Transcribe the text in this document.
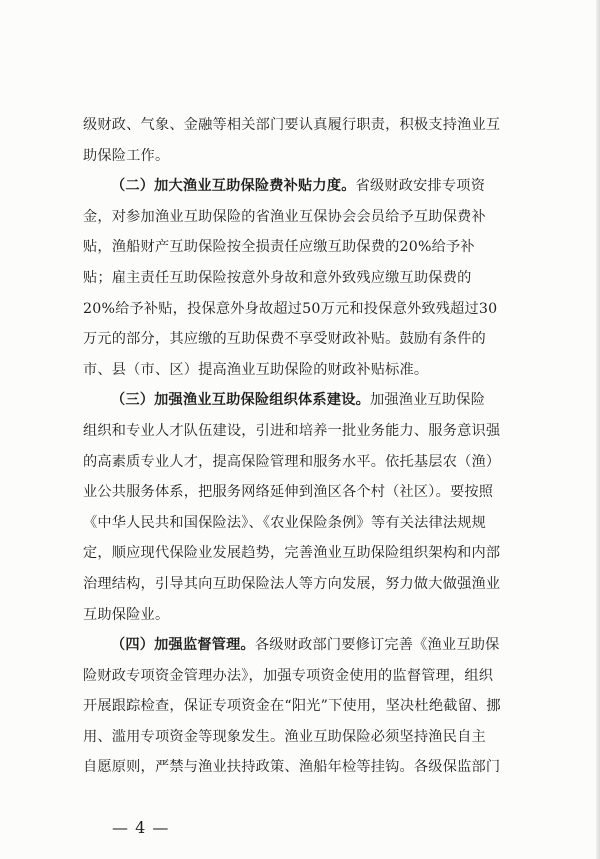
级财政、气象、金融等相关部门要认真履行职责，积极支持渔业互
助保险工作。
（二）加大渔业互助保险费补贴力度。省级财政安排专项资
金，对参加渔业互助保险的省渔业互保协会会员给予互助保费补
贴，渔船财产互助保险按全损责任应缴互助保费的20%给予补
贴；雇主责任互助保险按意外身故和意外致残应缴互助保费的
20%给予补贴，投保意外身故超过50万元和投保意外致残超过30
万元的部分，其应缴的互助保费不享受财政补贴。鼓励有条件的
市、县（市、区）提高渔业互助保险的财政补贴标准。
（三）加强渔业互助保险组织体系建设。加强渔业互助保险
组织和专业人才队伍建设，引进和培养一批业务能力、服务意识强
的高素质专业人才，提高保险管理和服务水平。依托基层农（渔）
业公共服务体系，把服务网络延伸到渔区各个村（社区）。要按照
《中华人民共和国保险法》、《农业保险条例》等有关法律法规规
定，顺应现代保险业发展趋势，完善渔业互助保险组织架构和内部
治理结构，引导其向互助保险法人等方向发展，努力做大做强渔业
互助保险业。
（四）加强监督管理。各级财政部门要修订完善《渔业互助保
险财政专项资金管理办法》，加强专项资金使用的监督管理，组织
开展跟踪检查，保证专项资金在“阳光”下使用，坚决杜绝截留、挪
用、滥用专项资金等现象发生。渔业互助保险必须坚持渔民自主
自愿原则，严禁与渔业扶持政策、渔船年检等挂钩。各级保监部门
— 4 —
